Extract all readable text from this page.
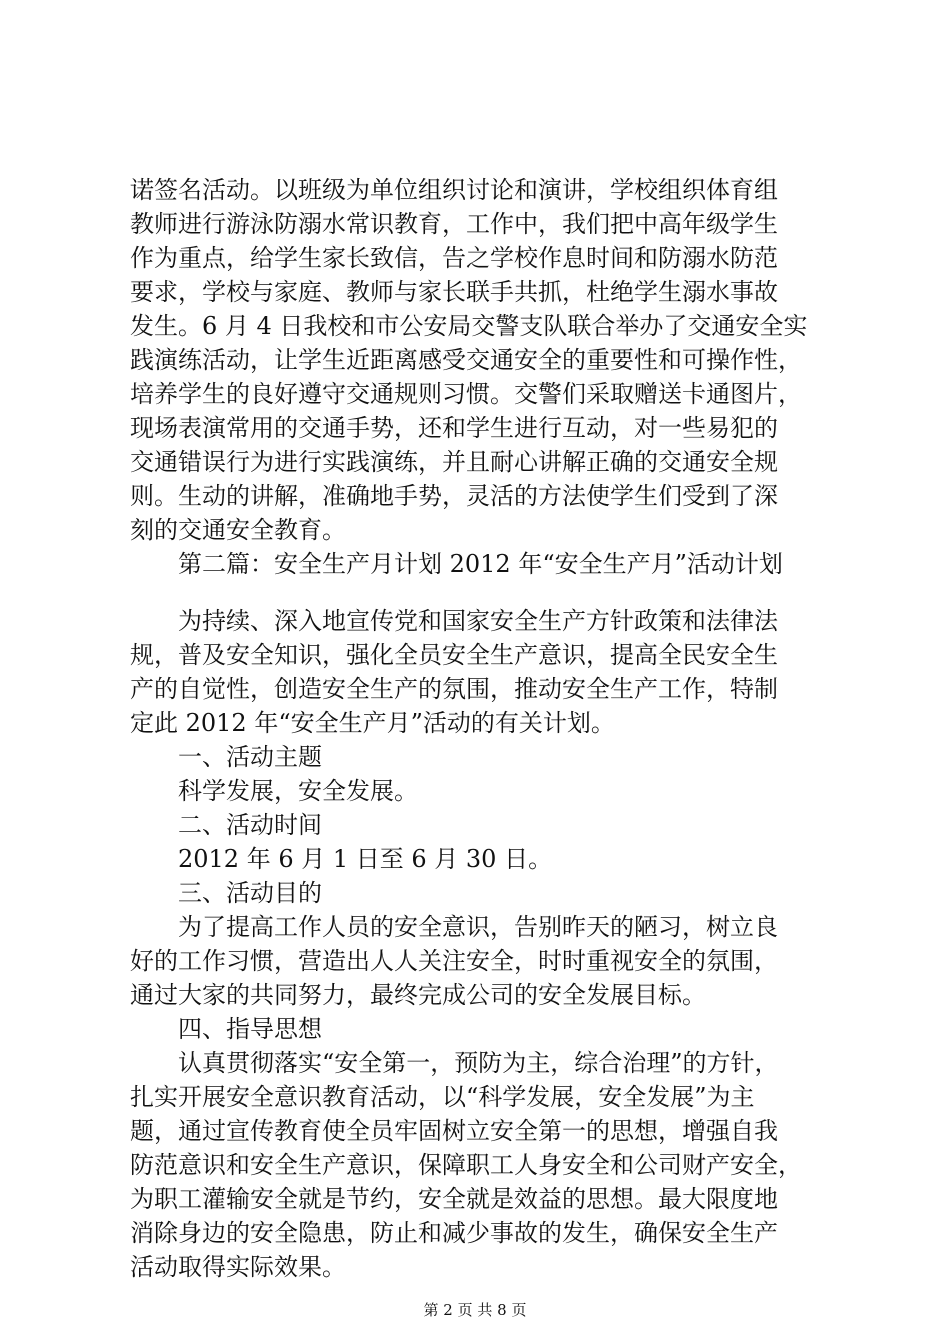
诺签名活动。以班级为单位组织讨论和演讲，学校组织体育组
教师进行游泳防溺水常识教育，工作中，我们把中高年级学生
作为重点，给学生家长致信，告之学校作息时间和防溺水防范
要求，学校与家庭、教师与家长联手共抓，杜绝学生溺水事故
发生。6 月 4 日我校和市公安局交警支队联合举办了交通安全实
践演练活动，让学生近距离感受交通安全的重要性和可操作性，
培养学生的良好遵守交通规则习惯。交警们采取赠送卡通图片，
现场表演常用的交通手势，还和学生进行互动，对一些易犯的
交通错误行为进行实践演练，并且耐心讲解正确的交通安全规
则。生动的讲解，准确地手势，灵活的方法使学生们受到了深
刻的交通安全教育。
第二篇：安全生产月计划 2012 年“安全生产月”活动计划
为持续、深入地宣传党和国家安全生产方针政策和法律法
规，普及安全知识，强化全员安全生产意识，提高全民安全生
产的自觉性，创造安全生产的氛围，推动安全生产工作，特制
定此 2012 年“安全生产月”活动的有关计划。
一、活动主题
科学发展，安全发展。
二、活动时间
2012 年 6 月 1 日至 6 月 30 日。
三、活动目的
为了提高工作人员的安全意识，告别昨天的陋习，树立良
好的工作习惯，营造出人人关注安全，时时重视安全的氛围，
通过大家的共同努力，最终完成公司的安全发展目标。
四、指导思想
认真贯彻落实“安全第一，预防为主，综合治理”的方针，
扎实开展安全意识教育活动，以“科学发展，安全发展”为主
题，通过宣传教育使全员牢固树立安全第一的思想，增强自我
防范意识和安全生产意识，保障职工人身安全和公司财产安全，
为职工灌输安全就是节约，安全就是效益的思想。最大限度地
消除身边的安全隐患，防止和减少事故的发生，确保安全生产
活动取得实际效果。
第 2 页 共 8 页
